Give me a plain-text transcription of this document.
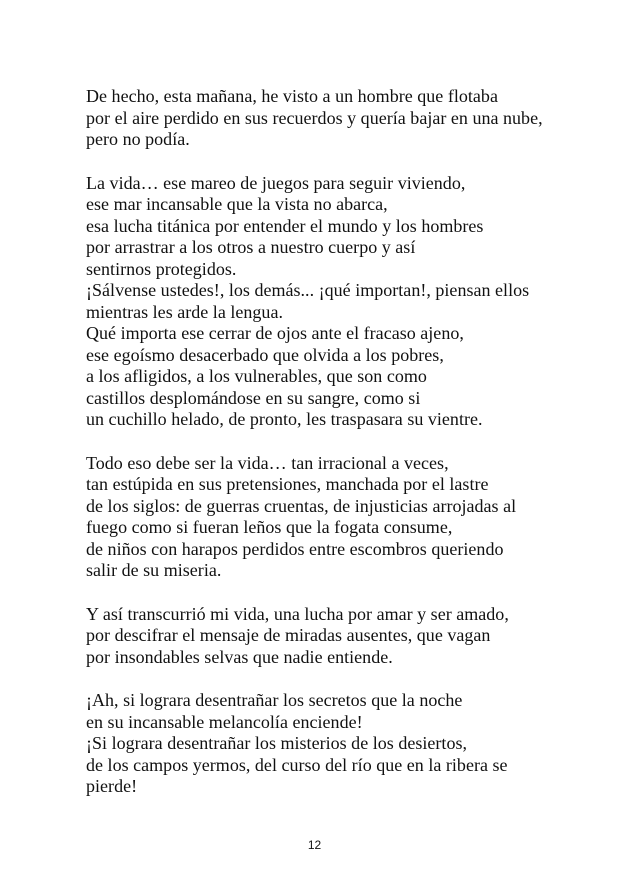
De hecho, esta mañana, he visto a un hombre que flotaba
por el aire perdido en sus recuerdos y quería bajar en una nube,
pero no podía.
La vida… ese mareo de juegos para seguir viviendo,
ese mar incansable que la vista no abarca,
esa lucha titánica por entender el mundo y los hombres
por arrastrar a los otros a nuestro cuerpo y así
sentirnos protegidos.
¡Sálvense ustedes!, los demás... ¡qué importan!, piensan ellos
mientras les arde la lengua.
Qué importa ese cerrar de ojos ante el fracaso ajeno,
ese egoísmo desacerbado que olvida a los pobres,
a los afligidos, a los vulnerables, que son como
castillos desplomándose en su sangre, como si
un cuchillo helado, de pronto, les traspasara su vientre.
Todo eso debe ser la vida… tan irracional a veces,
tan estúpida en sus pretensiones, manchada por el lastre
de los siglos: de guerras cruentas, de injusticias arrojadas al
fuego como si fueran leños que la fogata consume,
de niños con harapos perdidos entre escombros queriendo
salir de su miseria.
Y así transcurrió mi vida, una lucha por amar y ser amado,
por descifrar el mensaje de miradas ausentes, que vagan
por insondables selvas que nadie entiende.
¡Ah, si lograra desentrañar los secretos que la noche
en su incansable melancolía enciende!
¡Si lograra desentrañar los misterios de los desiertos,
de los campos yermos, del curso del río que en la ribera se
pierde!
12
